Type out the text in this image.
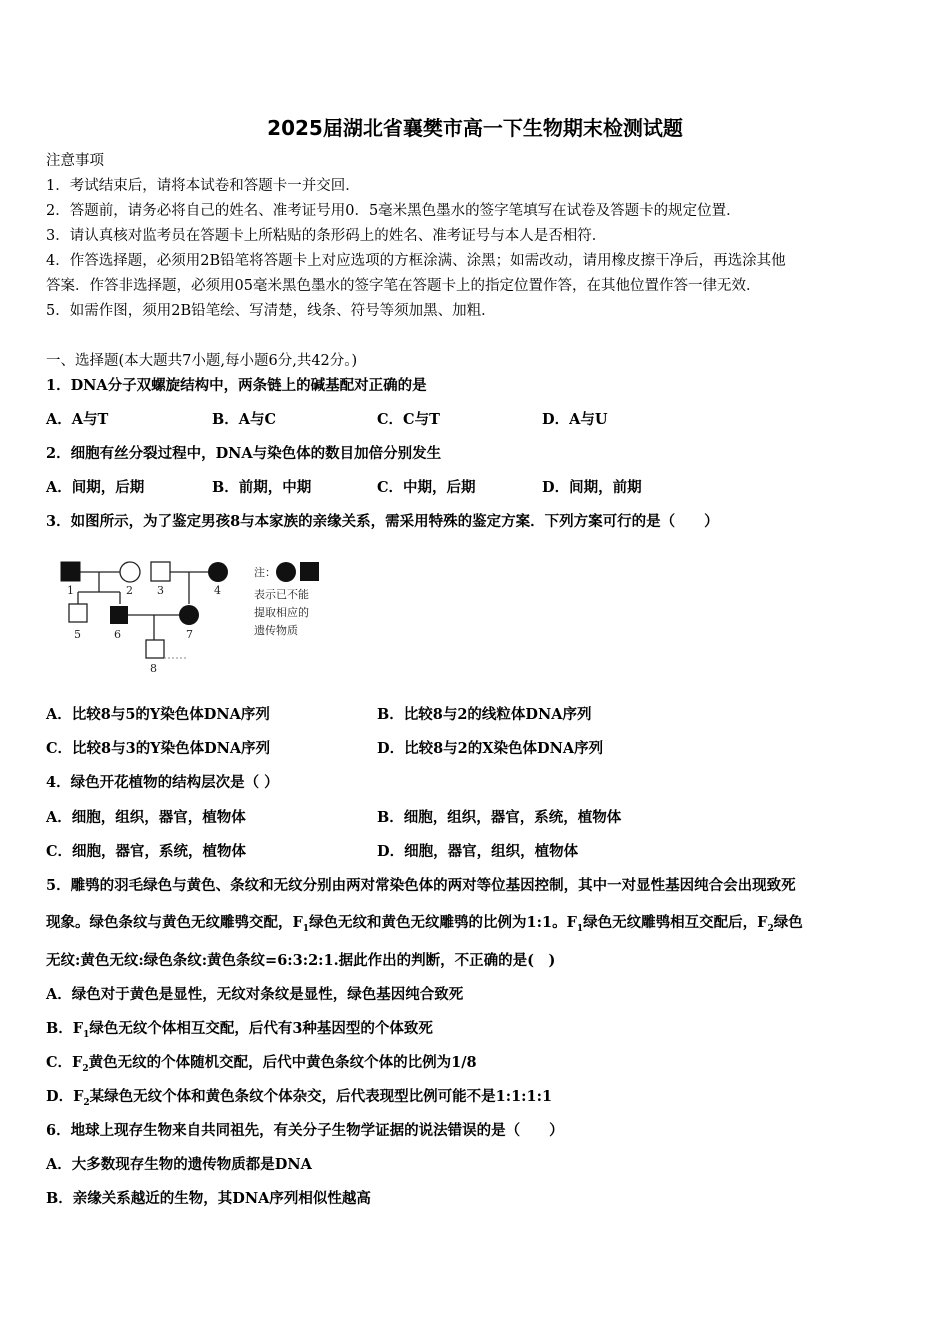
2025届湖北省襄樊市高一下生物期末检测试题
注意事项
1．考试结束后，请将本试卷和答题卡一并交回．
2．答题前，请务必将自己的姓名、准考证号用0．5毫米黑色墨水的签字笔填写在试卷及答题卡的规定位置．
3．请认真核对监考员在答题卡上所粘贴的条形码上的姓名、准考证号与本人是否相符．
4．作答选择题，必须用2B铅笔将答题卡上对应选项的方框涂满、涂黑；如需改动，请用橡皮擦干净后，再选涂其他
答案．作答非选择题，必须用05毫米黑色墨水的签字笔在答题卡上的指定位置作答，在其他位置作答一律无效．
5．如需作图，须用2B铅笔绘、写清楚，线条、符号等须加黑、加粗．
一、选择题(本大题共7小题,每小题6分,共42分。)
1．DNA分子双螺旋结构中，两条链上的碱基配对正确的是
A．A与T	B．A与C	C．C与T	D．A与U
2．细胞有丝分裂过程中，DNA与染色体的数目加倍分别发生
A．间期，后期	B．前期，中期	C．中期，后期	D．间期，前期
3．如图所示，为了鉴定男孩8与本家族的亲缘关系，需采用特殊的鉴定方案．下列方案可行的是（　　）
1	2 3	4
5	6	7
8
注：
表示已不能
提取相应的
遗传物质
A．比较8与5的Y染色体DNA序列	B．比较8与2的线粒体DNA序列
C．比较8与3的Y染色体DNA序列	D．比较8与2的X染色体DNA序列
4．绿色开花植物的结构层次是（ ）
A．细胞，组织，器官，植物体	B．细胞，组织，器官，系统，植物体
C．细胞，器官，系统，植物体	D．细胞，器官，组织，植物体
5．雕鸮的羽毛绿色与黄色、条纹和无纹分别由两对常染色体的两对等位基因控制，其中一对显性基因纯合会出现致死
现象。绿色条纹与黄色无纹雕鸮交配，$F_1$绿色无纹和黄色无纹雕鸮的比例为1:1。$F_1$绿色无纹雕鸮相互交配后，$F_2$绿色
无纹:黄色无纹:绿色条纹:黄色条纹=6:3:2:1.据此作出的判断，不正确的是(　)
A．绿色对于黄色是显性，无纹对条纹是显性，绿色基因纯合致死
B．$F_1$绿色无纹个体相互交配，后代有3种基因型的个体致死
C．$F_2$黄色无纹的个体随机交配，后代中黄色条纹个体的比例为1/8
D．$F_2$某绿色无纹个体和黄色条纹个体杂交，后代表现型比例可能不是1:1:1:1
6．地球上现存生物来自共同祖先，有关分子生物学证据的说法错误的是（　　）
A．大多数现存生物的遗传物质都是DNA
B．亲缘关系越近的生物，其DNA序列相似性越高
